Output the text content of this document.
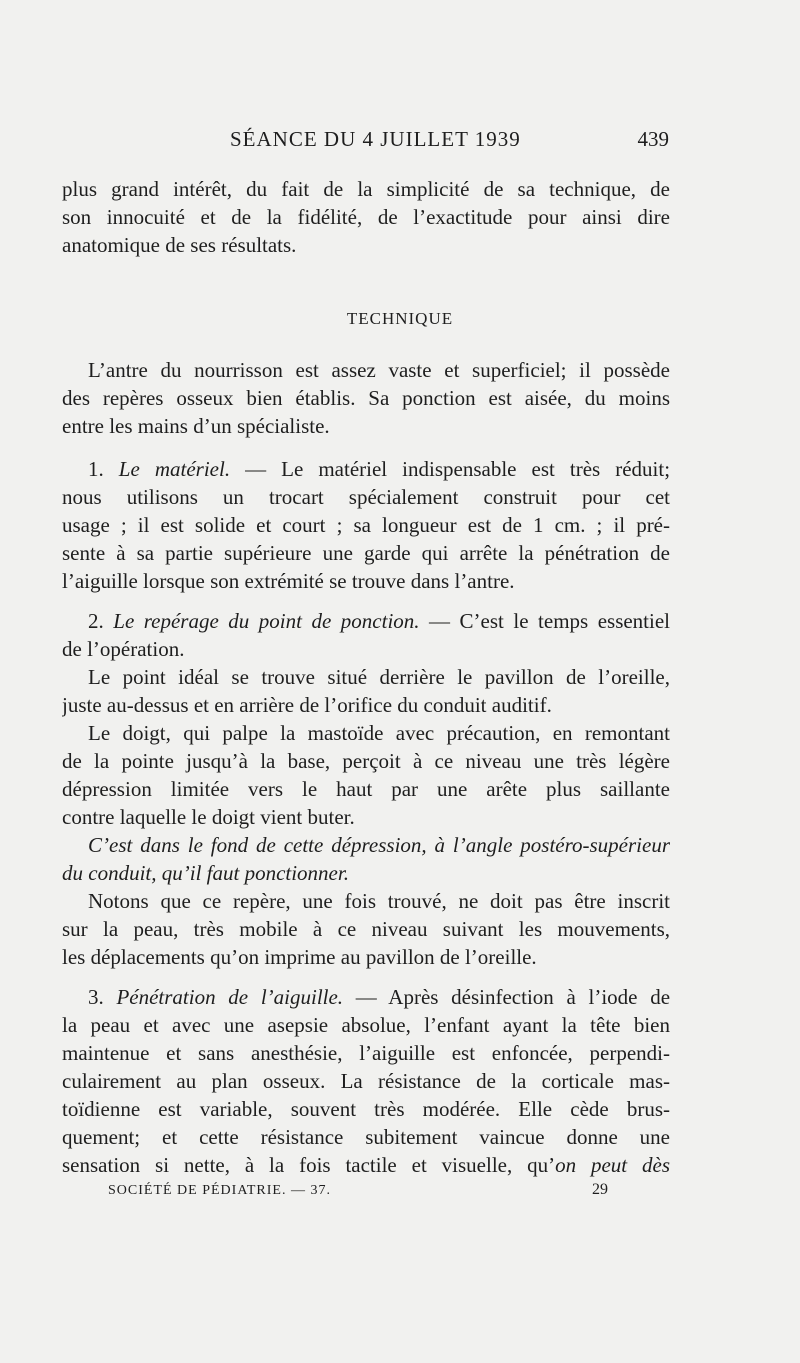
SÉANCE DU 4 JUILLET 1939	439
plus grand intérêt, du fait de la simplicité de sa technique, de
son innocuité et de la fidélité, de l’exactitude pour ainsi dire
anatomique de ses résultats.
TECHNIQUE
L’antre du nourrisson est assez vaste et superficiel; il possède
des repères osseux bien établis. Sa ponction est aisée, du moins
entre les mains d’un spécialiste.
1. Le matériel. — Le matériel indispensable est très réduit;
nous utilisons un trocart spécialement construit pour cet
usage ; il est solide et court ; sa longueur est de 1 cm. ; il pré-
sente à sa partie supérieure une garde qui arrête la pénétration de
l’aiguille lorsque son extrémité se trouve dans l’antre.
2. Le repérage du point de ponction. — C’est le temps essentiel
de l’opération.
Le point idéal se trouve situé derrière le pavillon de l’oreille,
juste au-dessus et en arrière de l’orifice du conduit auditif.
Le doigt, qui palpe la mastoïde avec précaution, en remontant
de la pointe jusqu’à la base, perçoit à ce niveau une très légère
dépression limitée vers le haut par une arête plus saillante
contre laquelle le doigt vient buter.
C’est dans le fond de cette dépression, à l’angle postéro-supérieur
du conduit, qu’il faut ponctionner.
Notons que ce repère, une fois trouvé, ne doit pas être inscrit
sur la peau, très mobile à ce niveau suivant les mouvements,
les déplacements qu’on imprime au pavillon de l’oreille.
3. Pénétration de l’aiguille. — Après désinfection à l’iode de
la peau et avec une asepsie absolue, l’enfant ayant la tête bien
maintenue et sans anesthésie, l’aiguille est enfoncée, perpendi-
culairement au plan osseux. La résistance de la corticale mas-
toïdienne est variable, souvent très modérée. Elle cède brus-
quement; et cette résistance subitement vaincue donne une
sensation si nette, à la fois tactile et visuelle, qu’on peut dès
SOCIÉTÉ DE PÉDIATRIE. — 37.	29
